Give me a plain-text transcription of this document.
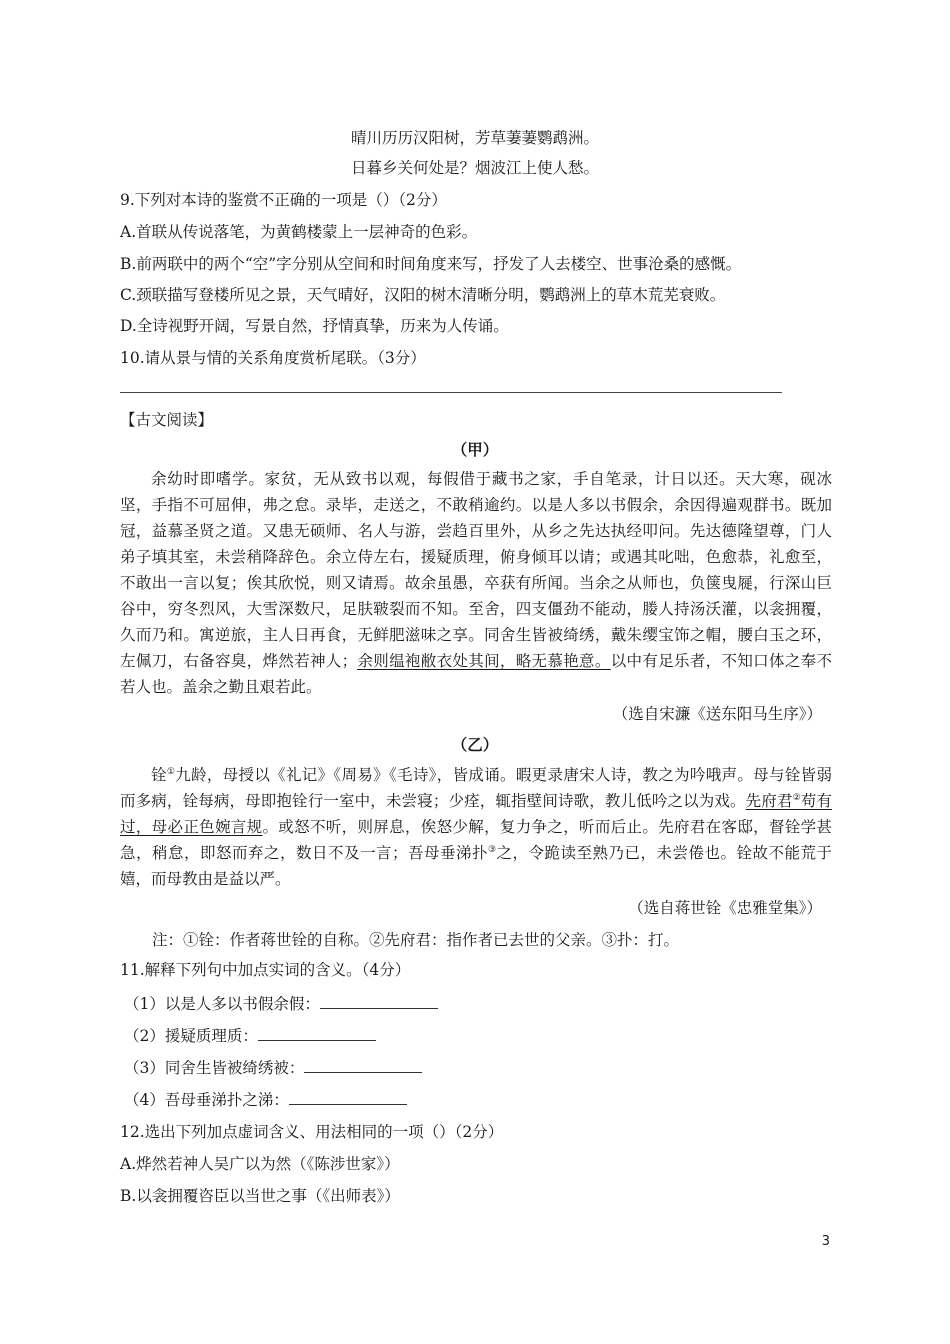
晴川历历汉阳树，芳草萋萋鹦鹉洲。
日暮乡关何处是？烟波江上使人愁。
9.下列对本诗的鉴赏不正确的一项是（）（2分）
A.首联从传说落笔，为黄鹤楼蒙上一层神奇的色彩。
B.前两联中的两个“空”字分别从空间和时间角度来写，抒发了人去楼空、世事沧桑的感慨。
C.颈联描写登楼所见之景，天气晴好，汉阳的树木清晰分明，鹦鹉洲上的草木荒芜衰败。
D.全诗视野开阔，写景自然，抒情真挚，历来为人传诵。
10.请从景与情的关系角度赏析尾联。（3分）
【古文阅读】
（甲）
余幼时即嗜学。家贫，无从致书以观，每假借于藏书之家，手自笔录，计日以还。天大寒，砚冰坚，手指不可屈伸，弗之怠。录毕，走送之，不敢稍逾约。以是人多以书假余，余因得遍观群书。既加冠，益慕圣贤之道。又患无硕师、名人与游，尝趋百里外，从乡之先达执经叩问。先达德隆望尊，门人弟子填其室，未尝稍降辞色。余立侍左右，援疑质理，俯身倾耳以请；或遇其叱咄，色愈恭，礼愈至，不敢出一言以复；俟其欣悦，则又请焉。故余虽愚，卒获有所闻。当余之从师也，负箧曳屣，行深山巨谷中，穷冬烈风，大雪深数尺，足肤皲裂而不知。至舍，四支僵劲不能动，媵人持汤沃灌，以衾拥覆，久而乃和。寓逆旅，主人日再食，无鲜肥滋味之享。同舍生皆被绮绣，戴朱缨宝饰之帽，腰白玉之环，左佩刀，右备容臭，烨然若神人；余则缊袍敝衣处其间，略无慕艳意。以中有足乐者，不知口体之奉不若人也。盖余之勤且艰若此。
（选自宋濂《送东阳马生序》）
（乙）
铨①九龄，母授以《礼记》《周易》《毛诗》，皆成诵。暇更录唐宋人诗，教之为吟哦声。母与铨皆弱而多病，铨每病，母即抱铨行一室中，未尝寝；少痊，辄指壁间诗歌，教儿低吟之以为戏。先府君②苟有过，母必正色婉言规。或怒不听，则屏息，俟怒少解，复力争之，听而后止。先府君在客邸，督铨学甚急，稍怠，即怒而弃之，数日不及一言；吾母垂涕扑③之，令跪读至熟乃已，未尝倦也。铨故不能荒于嬉，而母教由是益以严。
（选自蒋世铨《忠雅堂集》）
注：①铨：作者蒋世铨的自称。②先府君：指作者已去世的父亲。③扑：打。
11.解释下列句中加点实词的含义。（4分）
（1）以是人多以书假余假：
（2）援疑质理质：
（3）同舍生皆被绮绣被：
（4）吾母垂涕扑之涕：
12.选出下列加点虚词含义、用法相同的一项（）（2分）
A.烨然若神人吴广以为然（《陈涉世家》）
B.以衾拥覆咨臣以当世之事（《出师表》）
3
